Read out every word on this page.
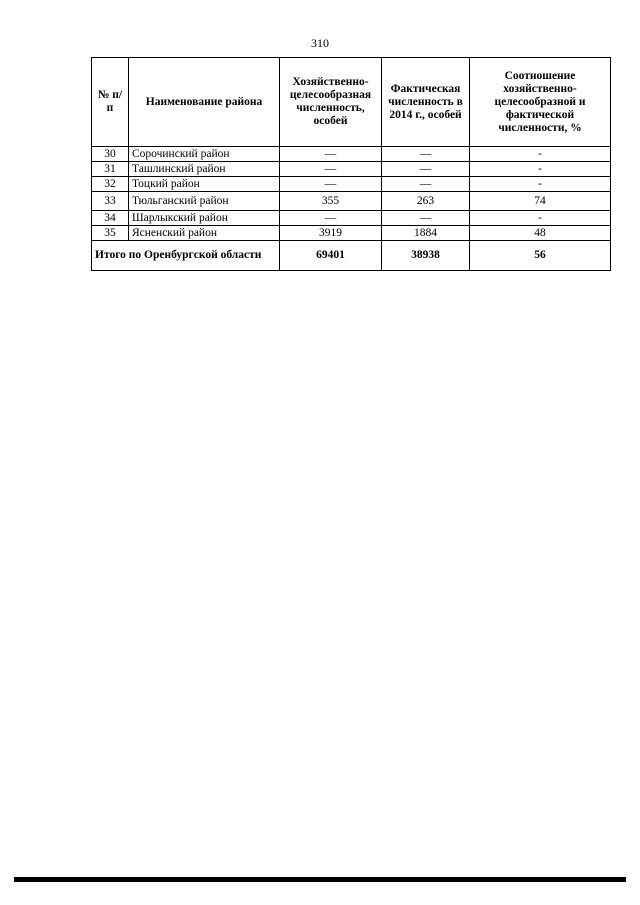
310
№ п/п	Наименование района	Хозяйственно-целесообразная численность, особей	Фактическая численность в 2014 г., особей	Соотношение хозяйственно-целесообразной и фактической численности, %
30	Сорочинский район	—	—	-
31	Ташлинский район	—	—	-
32	Тоцкий район	—	—	-
33	Тюльганский район	355	263	74
34	Шарлыкский район	—	—	-
35	Ясненский район	3919	1884	48
Итого по Оренбургской области		69401	38938	56
